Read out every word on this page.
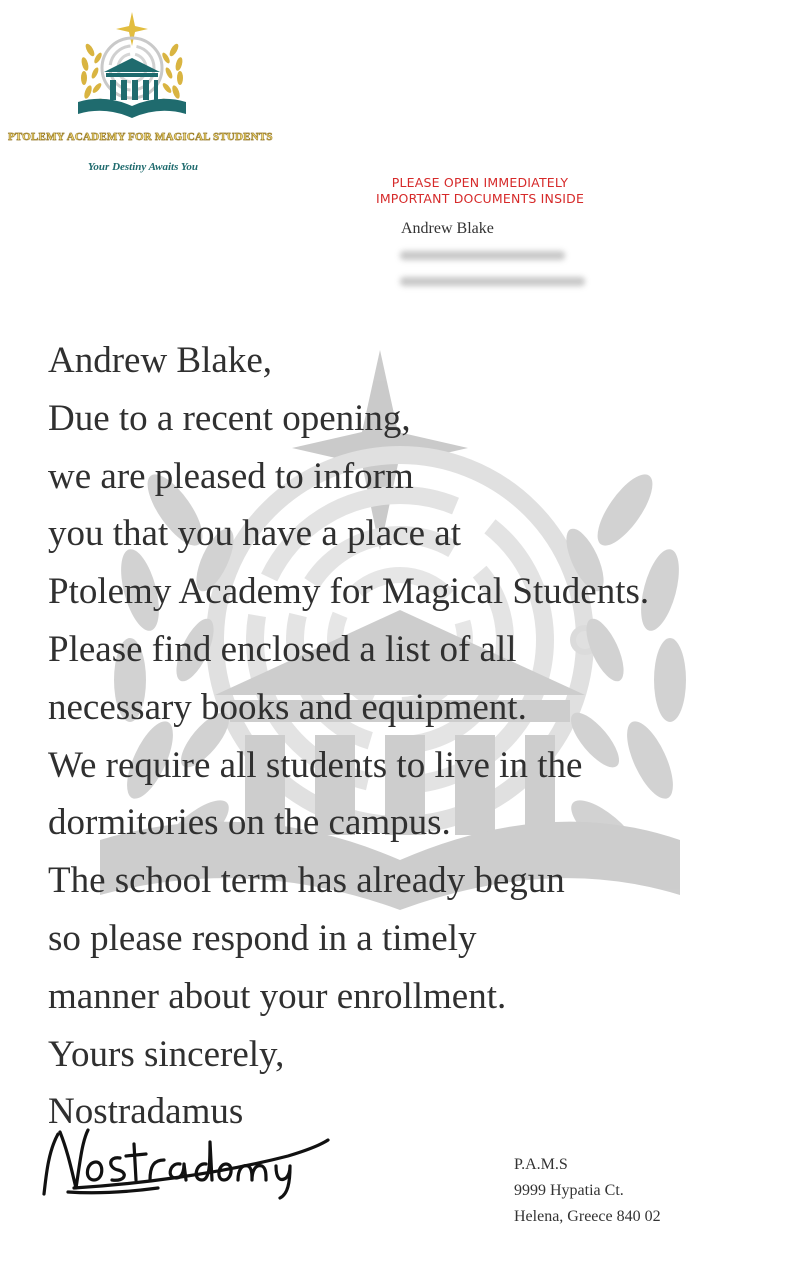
PTOLEMY ACADEMY FOR MAGICAL STUDENTS
Your Destiny Awaits You
PLEASE OPEN IMMEDIATELY
IMPORTANT DOCUMENTS INSIDE
Andrew Blake
Andrew Blake,
Due to a recent opening,
we are pleased to inform
you that you have a place at
Ptolemy Academy for Magical Students.
Please find enclosed a list of all
necessary books and equipment.
We require all students to live in the
dormitories on the campus.
The school term has already begun
so please respond in a timely
manner about your enrollment.
Yours sincerely,
Nostradamus
P.A.M.S
9999 Hypatia Ct.
Helena, Greece 840 02
